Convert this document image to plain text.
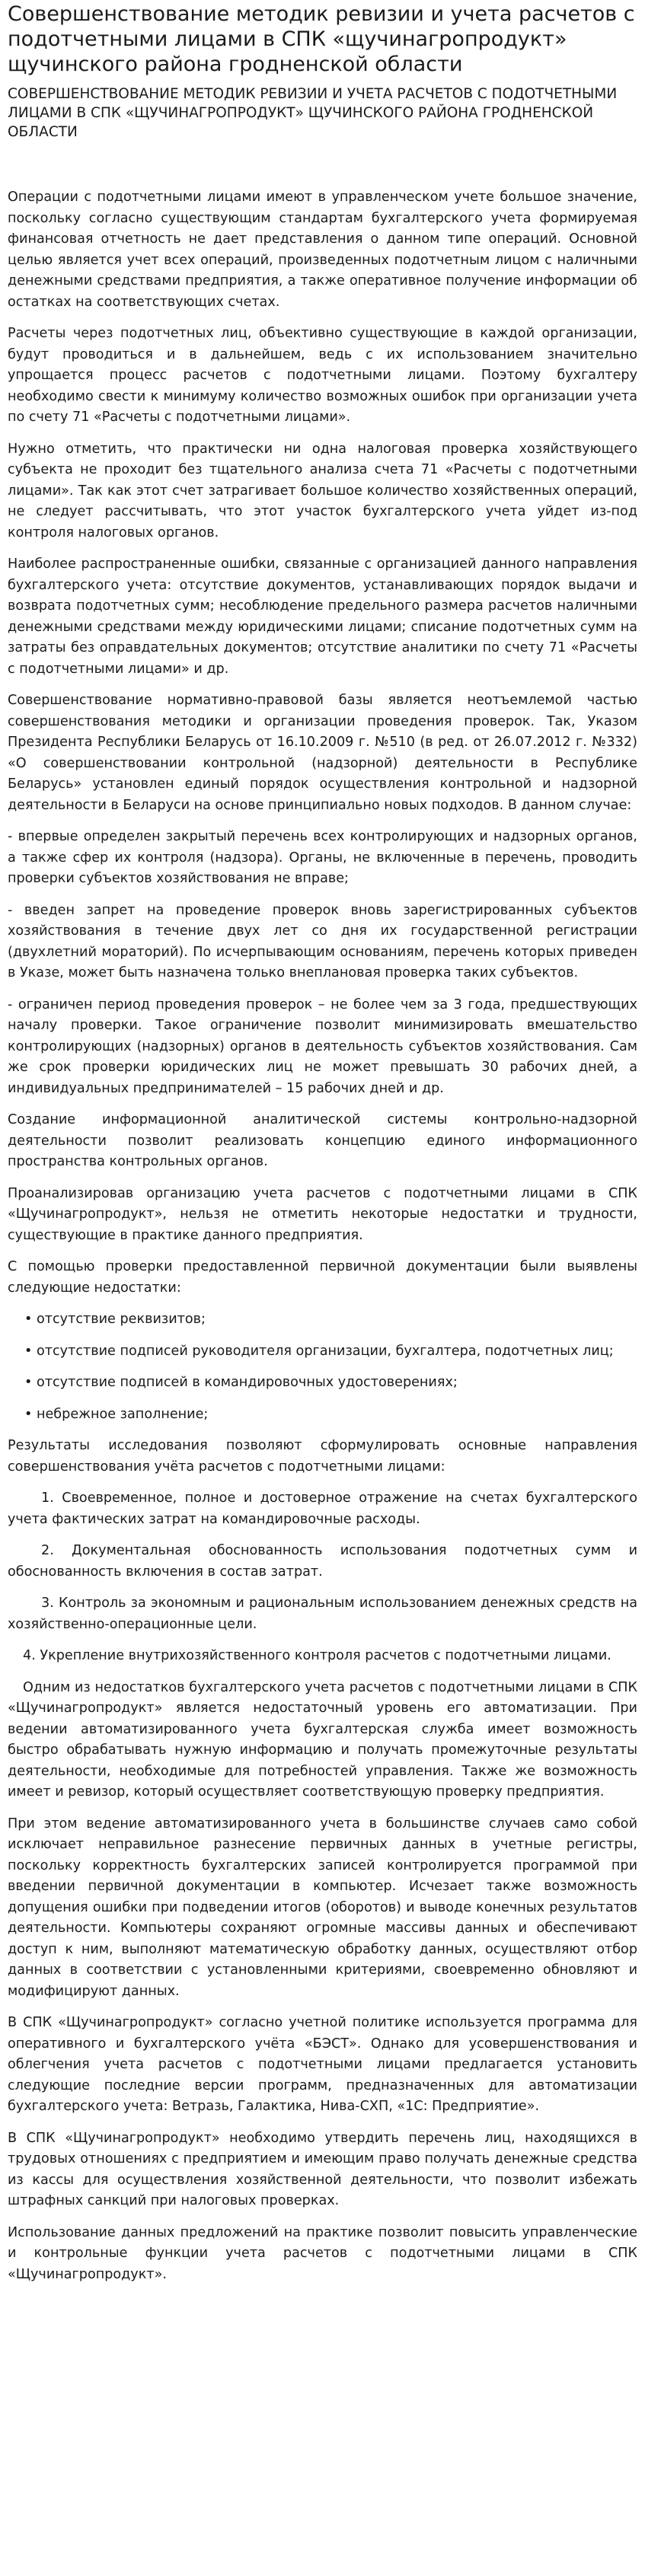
Совершенствование методик ревизии и учета расчетов с подотчетными лицами в СПК «щучинагропродукт» щучинского района гродненской области
СОВЕРШЕНСТВОВАНИЕ МЕТОДИК РЕВИЗИИ И УЧЕТА РАСЧЕТОВ С ПОДОТЧЕТНЫМИ ЛИЦАМИ В СПК «ЩУЧИНАГРОПРОДУКТ» ЩУЧИНСКОГО РАЙОНА ГРОДНЕНСКОЙ ОБЛАСТИ

Операции с подотчетными лицами имеют в управленческом учете большое значение, поскольку согласно существующим стандартам бухгалтерского учета формируемая финансовая отчетность не дает представления о данном типе операций. Основной целью является учет всех операций, произведенных подотчетным лицом с наличными денежными средствами предприятия, а также оперативное получение информации об остатках на соответствующих счетах.

Расчеты через подотчетных лиц, объективно существующие в каждой организации, будут проводиться и в дальнейшем, ведь с их использованием значительно упрощается процесс расчетов с подотчетными лицами. Поэтому бухгалтеру необходимо свести к минимуму количество возможных ошибок при организации учета по счету 71 «Расчеты с подотчетными лицами».

Нужно отметить, что практически ни одна налоговая проверка хозяйствующего субъекта не проходит без тщательного анализа счета 71 «Расчеты с подотчетными лицами». Так как этот счет затрагивает большое количество хозяйственных операций, не следует рассчитывать, что этот участок бухгалтерского учета уйдет из-под контроля налоговых органов.

Наиболее распространенные ошибки, связанные с организацией данного направления бухгалтерского учета: отсутствие документов, устанавливающих порядок выдачи и возврата подотчетных сумм; несоблюдение предельного размера расчетов наличными денежными средствами между юридическими лицами; списание подотчетных сумм на затраты без оправдательных документов; отсутствие аналитики по счету 71 «Расчеты с подотчетными лицами» и др.

Совершенствование нормативно-правовой базы является неотъемлемой частью совершенствования методики и организации проведения проверок. Так, Указом Президента Республики Беларусь от 16.10.2009 г. №510 (в ред. от 26.07.2012 г. №332) «О совершенствовании контрольной (надзорной) деятельности в Республике Беларусь» установлен единый порядок осуществления контрольной и надзорной деятельности в Беларуси на основе принципиально новых подходов. В данном случае:

- впервые определен закрытый перечень всех контролирующих и надзорных органов, а также сфер их контроля (надзора). Органы, не включенные в перечень, проводить проверки субъектов хозяйствования не вправе;

- введен запрет на проведение проверок вновь зарегистрированных субъектов хозяйствования в течение двух лет со дня их государственной регистрации (двухлетний мораторий). По исчерпывающим основаниям, перечень которых приведен в Указе, может быть назначена только внеплановая проверка таких субъектов.

- ограничен период проведения проверок – не более чем за 3 года, предшествующих началу проверки. Такое ограничение позволит минимизировать вмешательство контролирующих (надзорных) органов в деятельность субъектов хозяйствования. Сам же срок проверки юридических лиц не может превышать 30 рабочих дней, а индивидуальных предпринимателей – 15 рабочих дней и др.

Создание информационной аналитической системы контрольно-надзорной деятельности позволит реализовать концепцию единого информационного пространства контрольных органов.

Проанализировав организацию учета расчетов с подотчетными лицами в СПК «Щучинагропродукт», нельзя не отметить некоторые недостатки и трудности, существующие в практике данного предприятия.

С помощью проверки предоставленной первичной документации были выявлены следующие недостатки:

• отсутствие реквизитов;

• отсутствие подписей руководителя организации, бухгалтера, подотчетных лиц;

• отсутствие подписей в командировочных удостоверениях;

• небрежное заполнение;

Результаты исследования позволяют сформулировать основные направления совершенствования учёта расчетов с подотчетными лицами:

1. Своевременное, полное и достоверное отражение на счетах бухгалтерского учета фактических затрат на командировочные расходы.

2. Документальная обоснованность использования подотчетных сумм и обоснованность включения в состав затрат.

3. Контроль за экономным и рациональным использованием денежных средств на хозяйственно-операционные цели.

4. Укрепление внутрихозяйственного контроля расчетов с подотчетными лицами.

Одним из недостатков бухгалтерского учета расчетов с подотчетными лицами в СПК «Щучинагропродукт» является недостаточный уровень его автоматизации. При ведении автоматизированного учета бухгалтерская служба имеет возможность быстро обрабатывать нужную информацию и получать промежуточные результаты деятельности, необходимые для потребностей управления. Также же возможность имеет и ревизор, который осуществляет соответствующую проверку предприятия.

При этом ведение автоматизированного учета в большинстве случаев само собой исключает неправильное разнесение первичных данных в учетные регистры, поскольку корректность бухгалтерских записей контролируется программой при введении первичной документации в компьютер. Исчезает также возможность допущения ошибки при подведении итогов (оборотов) и выводе конечных результатов деятельности. Компьютеры сохраняют огромные массивы данных и обеспечивают доступ к ним, выполняют математическую обработку данных, осуществляют отбор данных в соответствии с установленными критериями, своевременно обновляют и модифицируют данных.

В СПК «Щучинагропродукт» согласно учетной политике используется программа для оперативного и бухгалтерского учёта «БЭСТ». Однако для усовершенствования и облегчения учета расчетов с подотчетными лицами предлагается установить следующие последние версии программ, предназначенных для автоматизации бухгалтерского учета: Ветразь, Галактика, Нива-СХП, «1С: Предприятие».

В СПК «Щучинагропродукт» необходимо утвердить перечень лиц, находящихся в трудовых отношениях с предприятием и имеющим право получать денежные средства из кассы для осуществления хозяйственной деятельности, что позволит избежать штрафных санкций при налоговых проверках.

Использование данных предложений на практике позволит повысить управленческие и контрольные функции учета расчетов с подотчетными лицами в СПК «Щучинагропродукт».
